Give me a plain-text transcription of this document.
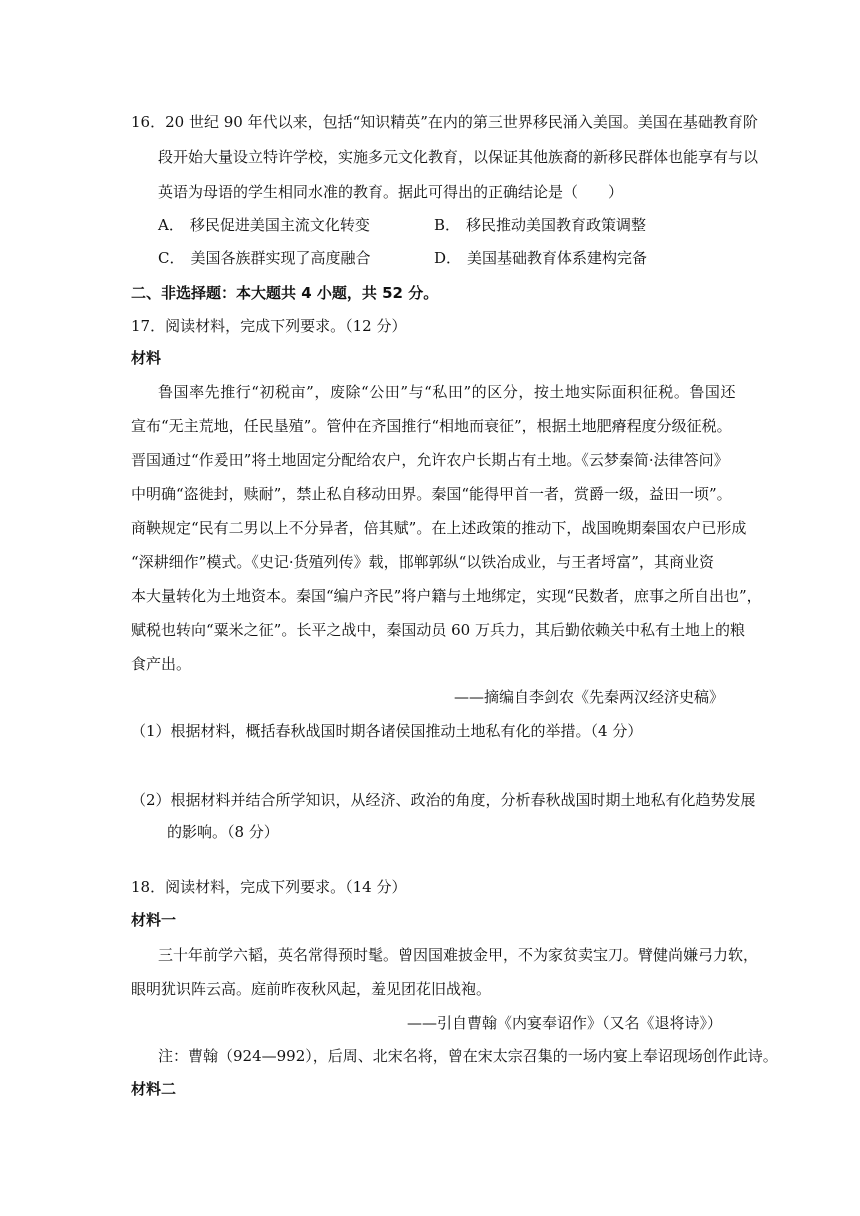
16．20 世纪 90 年代以来，包括“知识精英”在内的第三世界移民涌入美国。美国在基础教育阶
段开始大量设立特许学校，实施多元文化教育，以保证其他族裔的新移民群体也能享有与以
英语为母语的学生相同水准的教育。据此可得出的正确结论是（　　）
A． 移民促进美国主流文化转变	B． 移民推动美国教育政策调整
C． 美国各族群实现了高度融合	D． 美国基础教育体系建构完备
二、非选择题：本大题共 4 小题，共 52 分。
17．阅读材料，完成下列要求。（12 分）
材料
鲁国率先推行“初税亩”，废除“公田”与“私田”的区分，按土地实际面积征税。鲁国还
宣布“无主荒地，任民垦殖”。管仲在齐国推行“相地而衰征”，根据土地肥瘠程度分级征税。
晋国通过“作爰田”将土地固定分配给农户，允许农户长期占有土地。《云梦秦简·法律答问》
中明确“盗徙封，赎耐”，禁止私自移动田界。秦国“能得甲首一者，赏爵一级，益田一顷”。
商鞅规定“民有二男以上不分异者，倍其赋”。在上述政策的推动下，战国晚期秦国农户已形成
“深耕细作”模式。《史记·货殖列传》载，邯郸郭纵“以铁冶成业，与王者埒富”，其商业资
本大量转化为土地资本。秦国“编户齐民”将户籍与土地绑定，实现“民数者，庶事之所自出也”，
赋税也转向“粟米之征”。长平之战中，秦国动员 60 万兵力，其后勤依赖关中私有土地上的粮
食产出。
——摘编自李剑农《先秦两汉经济史稿》
（1）根据材料，概括春秋战国时期各诸侯国推动土地私有化的举措。（4 分）
（2）根据材料并结合所学知识，从经济、政治的角度，分析春秋战国时期土地私有化趋势发展
的影响。（8 分）
18．阅读材料，完成下列要求。（14 分）
材料一
三十年前学六韬，英名常得预时髦。曾因国难披金甲，不为家贫卖宝刀。臂健尚嫌弓力软，
眼明犹识阵云高。庭前昨夜秋风起，羞见团花旧战袍。
——引自曹翰《内宴奉诏作》（又名《退将诗》）
注：曹翰（924—992），后周、北宋名将，曾在宋太宗召集的一场内宴上奉诏现场创作此诗。
材料二
